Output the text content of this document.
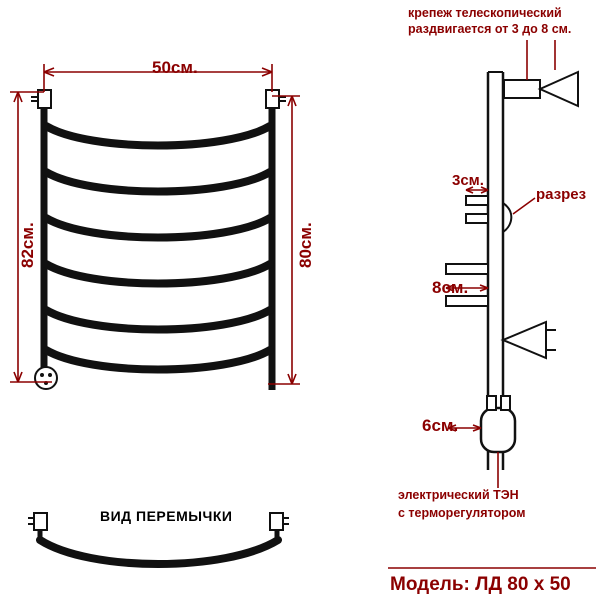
50см.
82см.	80см.
крепеж телескопический
раздвигается от 3 до 8 см.
3см.
разрез
8см.
6см.
электрический ТЭН
с терморегулятором
ВИД ПЕРЕМЫЧКИ
Модель: ЛД 80 x 50
